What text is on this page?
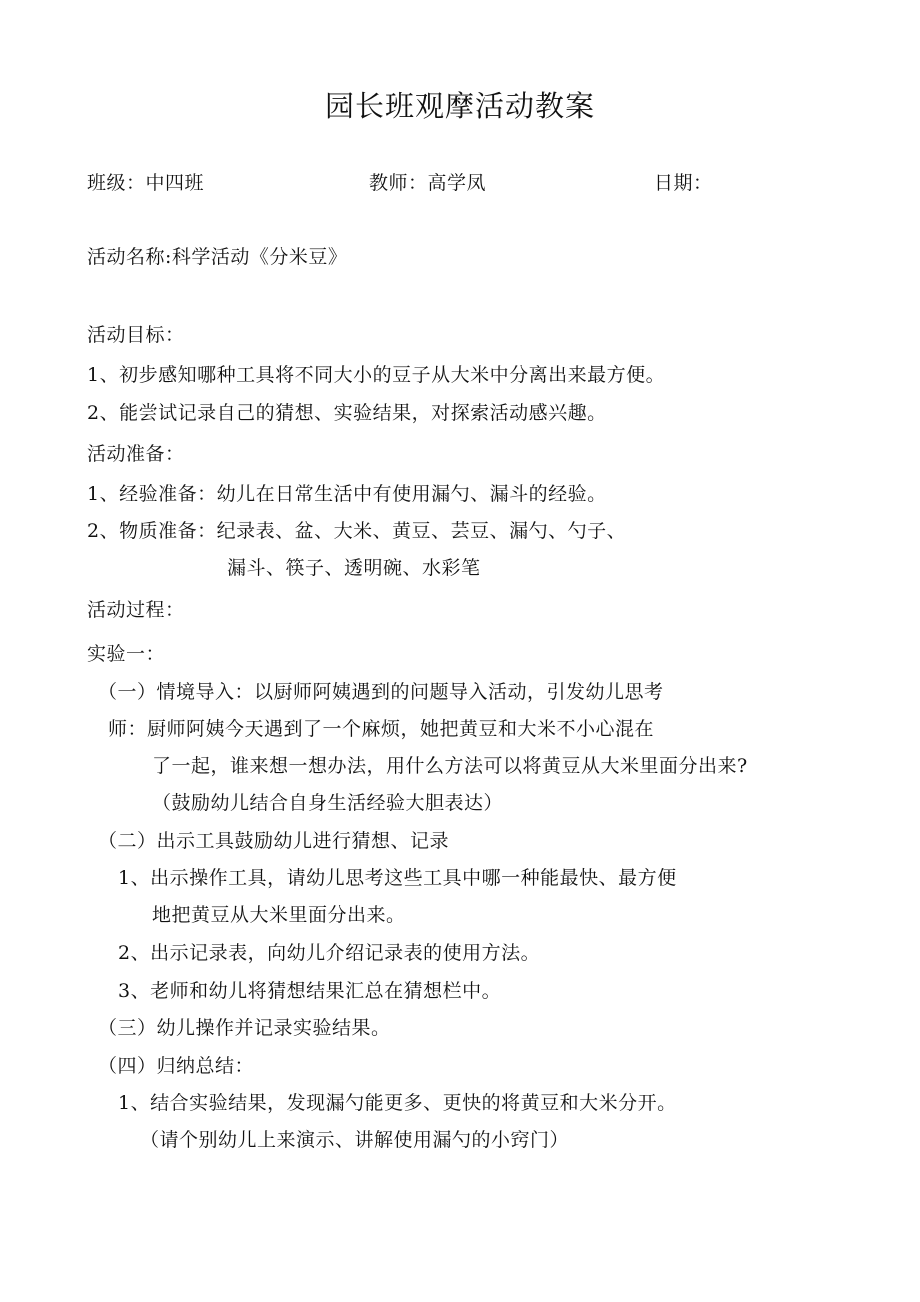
园长班观摩活动教案
班级：中四班	教师：高学凤	日期：
活动名称:科学活动《分米豆》
活动目标：
1、初步感知哪种工具将不同大小的豆子从大米中分离出来最方便。
2、能尝试记录自己的猜想、实验结果，对探索活动感兴趣。
活动准备：
1、经验准备：幼儿在日常生活中有使用漏勺、漏斗的经验。
2、物质准备：纪录表、盆、大米、黄豆、芸豆、漏勺、勺子、
漏斗、筷子、透明碗、水彩笔
活动过程：
实验一：
（一）情境导入：以厨师阿姨遇到的问题导入活动，引发幼儿思考
师：厨师阿姨今天遇到了一个麻烦，她把黄豆和大米不小心混在
了一起，谁来想一想办法，用什么方法可以将黄豆从大米里面分出来?
（鼓励幼儿结合自身生活经验大胆表达）
（二）出示工具鼓励幼儿进行猜想、记录
1、出示操作工具，请幼儿思考这些工具中哪一种能最快、最方便
地把黄豆从大米里面分出来。
2、出示记录表，向幼儿介绍记录表的使用方法。
3、老师和幼儿将猜想结果汇总在猜想栏中。
（三）幼儿操作并记录实验结果。
（四）归纳总结：
1、结合实验结果，发现漏勺能更多、更快的将黄豆和大米分开。
（请个别幼儿上来演示、讲解使用漏勺的小窍门）
